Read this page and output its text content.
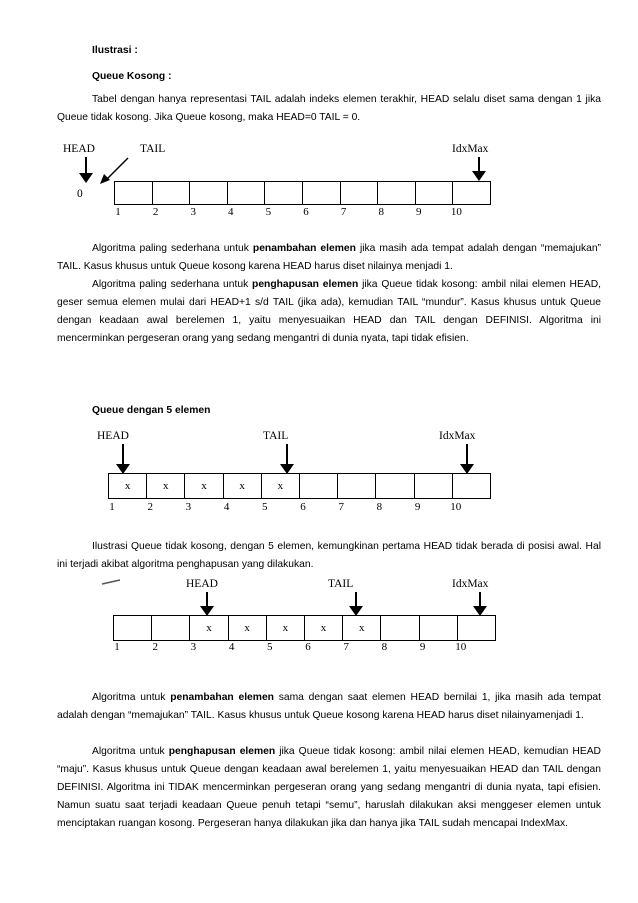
Ilustrasi :
Queue Kosong :
Tabel dengan hanya representasi TAIL adalah indeks elemen terakhir, HEAD selalu diset sama dengan 1 jika Queue tidak kosong. Jika Queue kosong, maka HEAD=0 TAIL = 0.
HEAD	TAIL	IdxMax
0
1	2	3	4	5	6	7	8	9	10
Algoritma paling sederhana untuk penambahan elemen jika masih ada tempat adalah dengan “memajukan” TAIL. Kasus khusus untuk Queue kosong karena HEAD harus diset nilainya menjadi 1.
Algoritma paling sederhana untuk penghapusan elemen jika Queue tidak kosong: ambil nilai elemen HEAD, geser semua elemen mulai dari HEAD+1 s/d TAIL (jika ada), kemudian TAIL “mundur”. Kasus khusus untuk Queue dengan keadaan awal berelemen 1, yaitu menyesuaikan HEAD dan TAIL dengan DEFINISI. Algoritma ini mencerminkan pergeseran orang yang sedang mengantri di dunia nyata, tapi tidak efisien.
Queue dengan 5 elemen
HEAD	TAIL	IdxMax
x	x	x	x	x
1	2	3	4	5	6	7	8	9	10
Ilustrasi Queue tidak kosong, dengan 5 elemen, kemungkinan pertama HEAD tidak berada di posisi awal. Hal ini terjadi akibat algoritma penghapusan yang dilakukan.
HEAD	TAIL	IdxMax
x	x	x	x	x
1	2	3	4	5	6	7	8	9	10
Algoritma untuk penambahan elemen sama dengan saat elemen HEAD bernilai 1, jika masih ada tempat adalah dengan “memajukan” TAIL. Kasus khusus untuk Queue kosong karena HEAD harus diset nilainyamenjadi 1.
Algoritma untuk penghapusan elemen jika Queue tidak kosong: ambil nilai elemen HEAD, kemudian HEAD “maju”. Kasus khusus untuk Queue dengan keadaan awal berelemen 1, yaitu menyesuaikan HEAD dan TAIL dengan DEFINISI. Algoritma ini TIDAK mencerminkan pergeseran orang yang sedang mengantri di dunia nyata, tapi efisien. Namun suatu saat terjadi keadaan Queue penuh tetapi “semu”, haruslah dilakukan aksi menggeser elemen untuk menciptakan ruangan kosong. Pergeseran hanya dilakukan jika dan hanya jika TAIL sudah mencapai IndexMax.
